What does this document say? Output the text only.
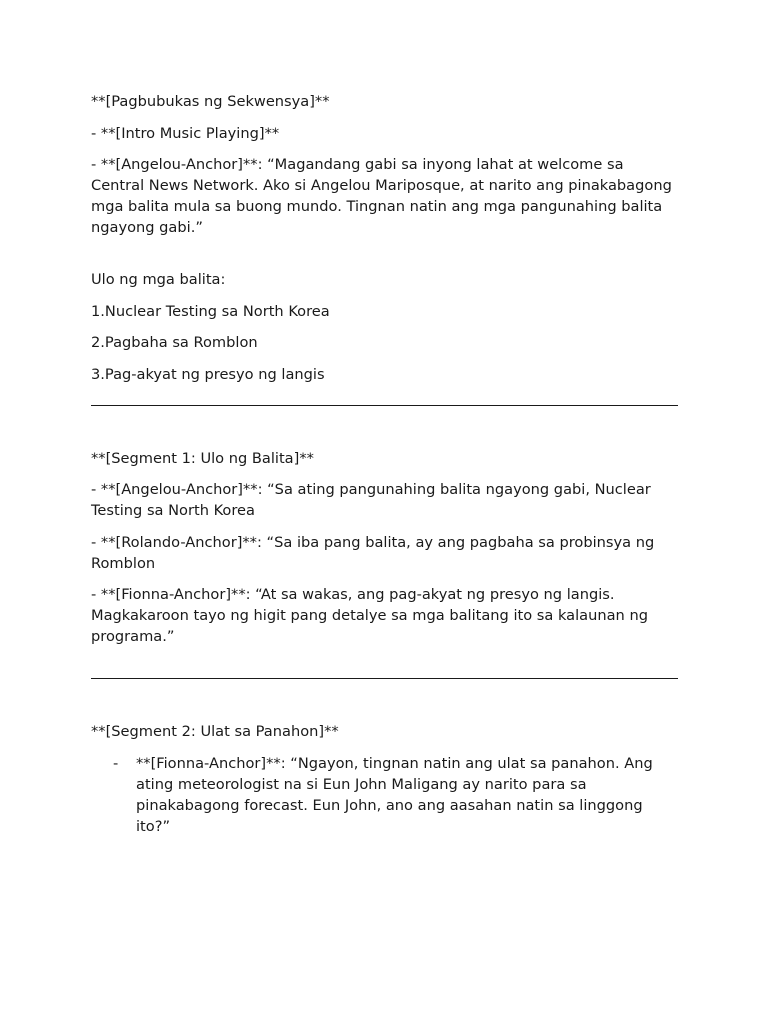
**[Pagbubukas ng Sekwensya]**

- **[Intro Music Playing]**

- **[Angelou-Anchor]**: “Magandang gabi sa inyong lahat at welcome sa Central News Network. Ako si Angelou Mariposque, at narito ang pinakabagong mga balita mula sa buong mundo. Tingnan natin ang mga pangunahing balita ngayong gabi.”

Ulo ng mga balita:

1.Nuclear Testing sa North Korea

2.Pagbaha sa Romblon

3.Pag-akyat ng presyo ng langis

**[Segment 1: Ulo ng Balita]**

- **[Angelou-Anchor]**: “Sa ating pangunahing balita ngayong gabi, Nuclear Testing sa North Korea

- **[Rolando-Anchor]**: “Sa iba pang balita, ay ang pagbaha sa probinsya ng Romblon

- **[Fionna-Anchor]**: “At sa wakas, ang pag-akyat ng presyo ng langis. Magkakaroon tayo ng higit pang detalye sa mga balitang ito sa kalaunan ng programa.”

**[Segment 2: Ulat sa Panahon]**

- **[Fionna-Anchor]**: “Ngayon, tingnan natin ang ulat sa panahon. Ang ating meteorologist na si Eun John Maligang ay narito para sa pinakabagong forecast. Eun John, ano ang aasahan natin sa linggong ito?”
